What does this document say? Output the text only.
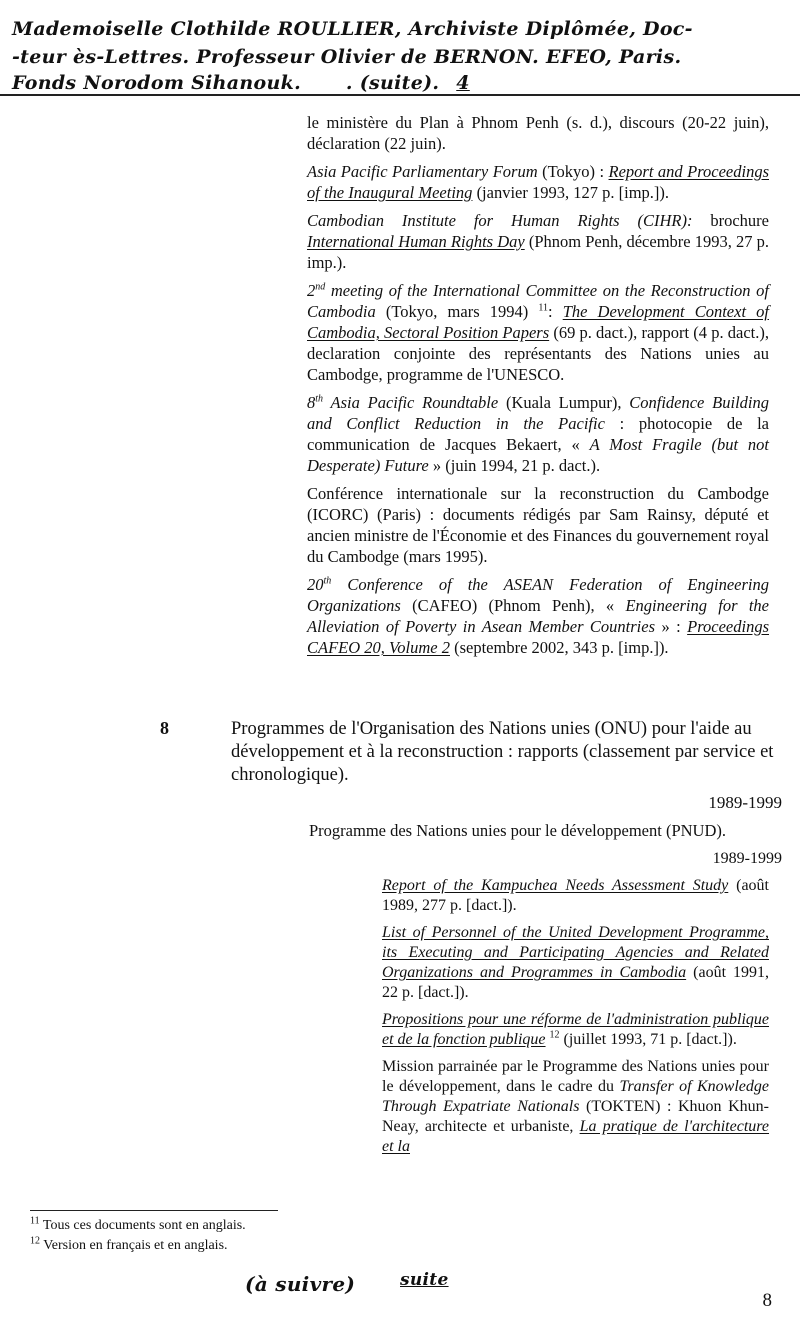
Mademoiselle Clothilde ROULLIER, Archiviste Diplômée, Doc-
-teur ès-Lettres. Professeur Olivier de BERNON. EFEO, Paris.
Fonds Norodom Sihanouk. . (suite). 4

le ministère du Plan à Phnom Penh (s. d.), discours (20-22 juin), déclaration (22 juin).

Asia Pacific Parliamentary Forum (Tokyo) : Report and Proceedings of the Inaugural Meeting (janvier 1993, 127 p. [imp.]).

Cambodian Institute for Human Rights (CIHR): brochure International Human Rights Day (Phnom Penh, décembre 1993, 27 p. imp.).

2nd meeting of the International Committee on the Reconstruction of Cambodia (Tokyo, mars 1994) $^{11}$: The Development Context of Cambodia, Sectoral Position Papers (69 p. dact.), rapport (4 p. dact.), declaration conjointe des représentants des Nations unies au Cambodge, programme de l'UNESCO.

8th Asia Pacific Roundtable (Kuala Lumpur), Confidence Building and Conflict Reduction in the Pacific : photocopie de la communication de Jacques Bekaert, « A Most Fragile (but not Desperate) Future » (juin 1994, 21 p. dact.).

Conférence internationale sur la reconstruction du Cambodge (ICORC) (Paris) : documents rédigés par Sam Rainsy, député et ancien ministre de l'Économie et des Finances du gouvernement royal du Cambodge (mars 1995).

20th Conference of the ASEAN Federation of Engineering Organizations (CAFEO) (Phnom Penh), « Engineering for the Alleviation of Poverty in Asean Member Countries » : Proceedings CAFEO 20, Volume 2 (septembre 2002, 343 p. [imp.]).

8	Programmes de l'Organisation des Nations unies (ONU) pour l'aide au développement et à la reconstruction : rapports (classement par service et chronologique).
1989-1999
Programme des Nations unies pour le développement (PNUD).
1989-1999

Report of the Kampuchea Needs Assessment Study (août 1989, 277 p. [dact.]).

List of Personnel of the United Development Programme, its Executing and Participating Agencies and Related Organizations and Programmes in Cambodia (août 1991, 22 p. [dact.]).

Propositions pour une réforme de l'administration publique et de la fonction publique $^{12}$ (juillet 1993, 71 p. [dact.]).

Mission parrainée par le Programme des Nations unies pour le développement, dans le cadre du Transfer of Knowledge Through Expatriate Nationals (TOKTEN) : Khuon Khun-Neay, architecte et urbaniste, La pratique de l'architecture et la

$^{11}$ Tous ces documents sont en anglais.
$^{12}$ Version en français et en anglais.
(à suivre)	suite
8
